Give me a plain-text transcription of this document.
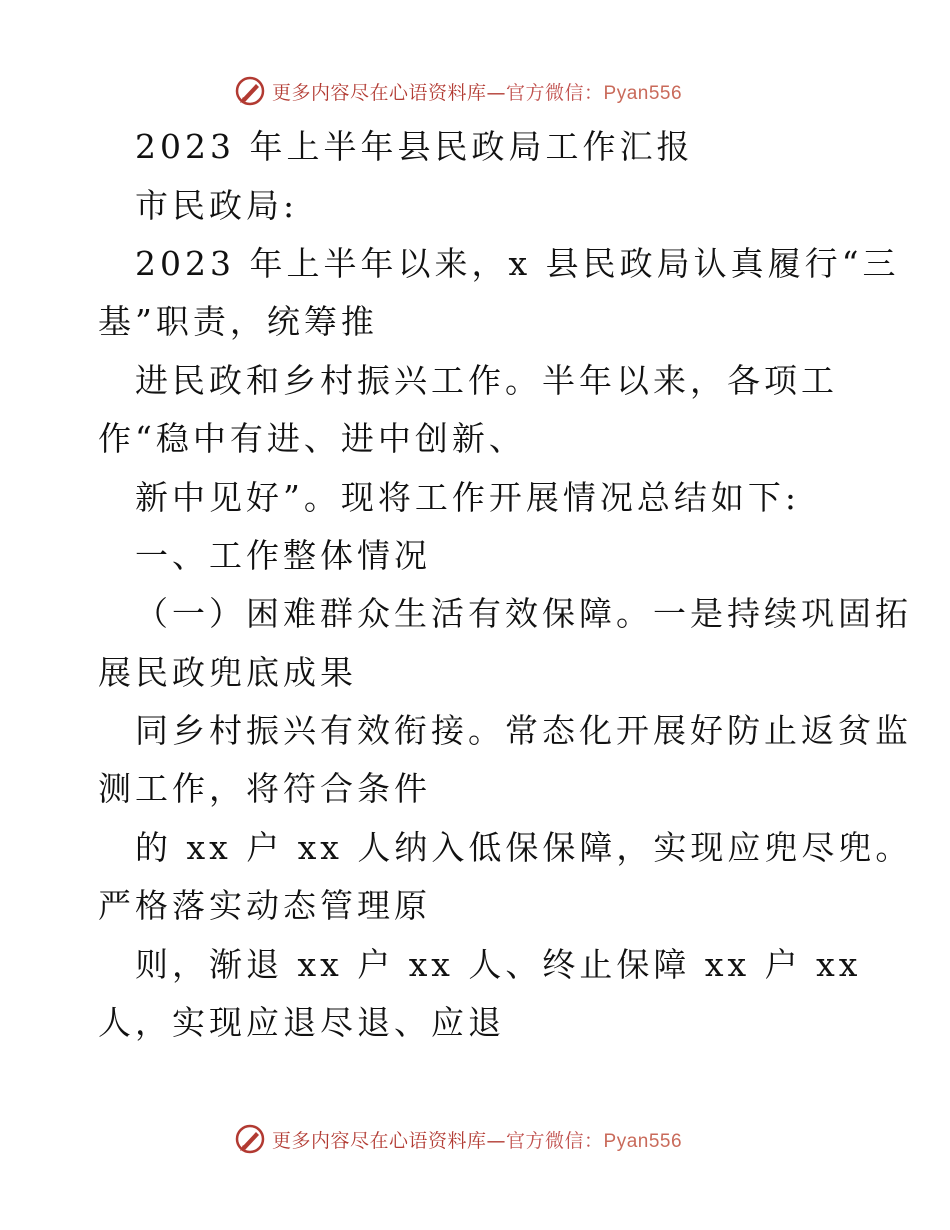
更多内容尽在心语资料库—官方微信：Pyan556
2023 年上半年县民政局工作汇报
市民政局:
2023 年上半年以来，x 县民政局认真履行“三
基”职责，统筹推
进民政和乡村振兴工作。半年以来，各项工
作“稳中有进、进中创新、
新中见好”。现将工作开展情况总结如下:
一、工作整体情况
（一）困难群众生活有效保障。一是持续巩固拓
展民政兜底成果
同乡村振兴有效衔接。常态化开展好防止返贫监
测工作，将符合条件
的 xx 户 xx 人纳入低保保障，实现应兜尽兜。
严格落实动态管理原
则，渐退 xx 户 xx 人、终止保障 xx 户 xx
人，实现应退尽退、应退
更多内容尽在心语资料库—官方微信：Pyan556
